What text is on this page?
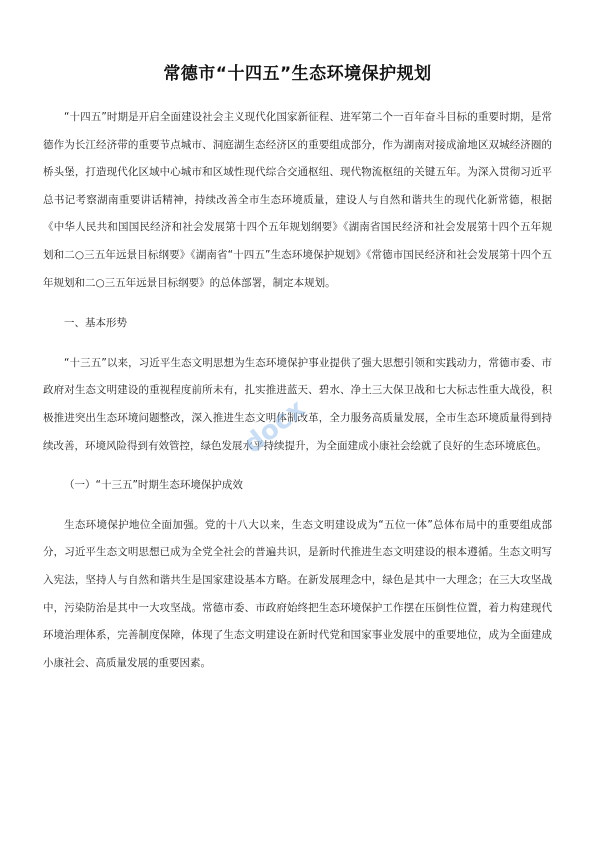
常德市“十四五”生态环境保护规划

“十四五”时期是开启全面建设社会主义现代化国家新征程、进军第二个一百年奋斗目标的重要时期，是常德作为长江经济带的重要节点城市、洞庭湖生态经济区的重要组成部分，作为湖南对接成渝地区双城经济圈的桥头堡，打造现代化区域中心城市和区域性现代综合交通枢纽、现代物流枢纽的关键五年。为深入贯彻习近平总书记考察湖南重要讲话精神，持续改善全市生态环境质量，建设人与自然和谐共生的现代化新常德，根据《中华人民共和国国民经济和社会发展第十四个五年规划纲要》《湖南省国民经济和社会发展第十四个五年规划和二○三五年远景目标纲要》《湖南省“十四五”生态环境保护规划》《常德市国民经济和社会发展第十四个五年规划和二○三五年远景目标纲要》的总体部署，制定本规划。

一、基本形势

“十三五”以来，习近平生态文明思想为生态环境保护事业提供了强大思想引领和实践动力，常德市委、市政府对生态文明建设的重视程度前所未有，扎实推进蓝天、碧水、净土三大保卫战和七大标志性重大战役，积极推进突出生态环境问题整改，深入推进生态文明体制改革，全力服务高质量发展，全市生态环境质量得到持续改善，环境风险得到有效管控，绿色发展水平持续提升，为全面建成小康社会绘就了良好的生态环境底色。

（一）“十三五”时期生态环境保护成效

生态环境保护地位全面加强。党的十八大以来，生态文明建设成为“五位一体”总体布局中的重要组成部分，习近平生态文明思想已成为全党全社会的普遍共识，是新时代推进生态文明建设的根本遵循。生态文明写入宪法，坚持人与自然和谐共生是国家建设基本方略。在新发展理念中，绿色是其中一大理念；在三大攻坚战中，污染防治是其中一大攻坚战。常德市委、市政府始终把生态环境保护工作摆在压倒性位置，着力构建现代环境治理体系，完善制度保障，体现了生态文明建设在新时代党和国家事业发展中的重要地位，成为全面建成小康社会、高质量发展的重要因素。

docx
